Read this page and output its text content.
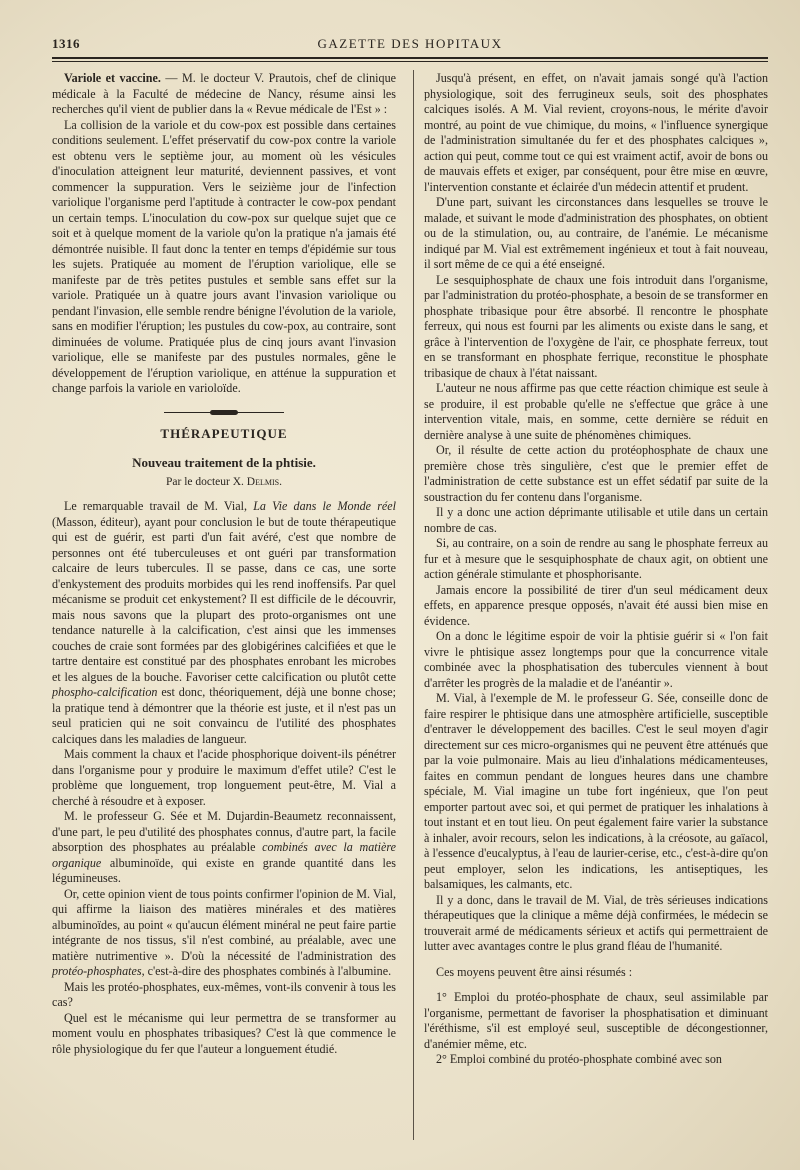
1316	GAZETTE DES HOPITAUX

Variole et vaccine. — M. le docteur V. Prautois, chef de clinique médicale à la Faculté de médecine de Nancy, résume ainsi les recherches qu'il vient de publier dans la « Revue médicale de l'Est » :

La collision de la variole et du cow-pox est possible dans certaines conditions seulement. L'effet préservatif du cow-pox contre la variole est obtenu vers le septième jour, au moment où les vésicules d'inoculation atteignent leur maturité, deviennent passives, et vont commencer la suppuration. Vers le seizième jour de l'infection variolique l'organisme perd l'aptitude à contracter le cow-pox pendant un certain temps. L'inoculation du cow-pox sur quelque sujet que ce soit et à quelque moment de la variole qu'on la pratique n'a jamais été démontrée nuisible. Il faut donc la tenter en temps d'épidémie sur tous les sujets. Pratiquée au moment de l'éruption variolique, elle se manifeste par de très petites pustules et semble sans effet sur la variole. Pratiquée un à quatre jours avant l'invasion variolique ou pendant l'invasion, elle semble rendre bénigne l'évolution de la variole, sans en modifier l'éruption; les pustules du cow-pox, au contraire, sont diminuées de volume. Pratiquée plus de cinq jours avant l'invasion variolique, elle se manifeste par des pustules normales, gêne le développement de l'éruption variolique, en atténue la suppuration et change parfois la variole en varioloïde.

THÉRAPEUTIQUE
Nouveau traitement de la phtisie.
Par le docteur X. Delmis.

Le remarquable travail de M. Vial, La Vie dans le Monde réel (Masson, éditeur), ayant pour conclusion le but de toute thérapeutique qui est de guérir, est parti d'un fait avéré, c'est que nombre de personnes ont été tuberculeuses et ont guéri par transformation calcaire de leurs tubercules. Il se passe, dans ce cas, une sorte d'enkystement des produits morbides qui les rend inoffensifs. Par quel mécanisme se produit cet enkystement? Il est difficile de le découvrir, mais nous savons que la plupart des proto-organismes ont une tendance naturelle à la calcification, c'est ainsi que les immenses couches de craie sont formées par des globigérines calcifiées et que le tartre dentaire est constitué par des phosphates enrobant les microbes et les algues de la bouche. Favoriser cette calcification ou plutôt cette phospho-calcification est donc, théoriquement, déjà une bonne chose; la pratique tend à démontrer que la théorie est juste, et il n'est pas un seul praticien qui ne soit convaincu de l'utilité des phosphates calciques dans les maladies de langueur.

Mais comment la chaux et l'acide phosphorique doivent-ils pénétrer dans l'organisme pour y produire le maximum d'effet utile? C'est le problème que longuement, trop longuement peut-être, M. Vial a cherché à résoudre et à exposer.

M. le professeur G. Sée et M. Dujardin-Beaumetz reconnaissent, d'une part, le peu d'utilité des phosphates connus, d'autre part, la facile absorption des phosphates au préalable combinés avec la matière organique albuminoïde, qui existe en grande quantité dans les légumineuses.

Or, cette opinion vient de tous points confirmer l'opinion de M. Vial, qui affirme la liaison des matières minérales et des matières albuminoïdes, au point « qu'aucun élément minéral ne peut faire partie intégrante de nos tissus, s'il n'est combiné, au préalable, avec une matière nutrimentive ». D'où la nécessité de l'administration des protéo-phosphates, c'est-à-dire des phosphates combinés à l'albumine.

Mais les protéo-phosphates, eux-mêmes, vont-ils convenir à tous les cas?

Quel est le mécanisme qui leur permettra de se transformer au moment voulu en phosphates tribasiques? C'est là que commence le rôle physiologique du fer que l'auteur a longuement étudié.

Jusqu'à présent, en effet, on n'avait jamais songé qu'à l'action physiologique, soit des ferrugineux seuls, soit des phosphates calciques isolés. A M. Vial revient, croyons-nous, le mérite d'avoir montré, au point de vue chimique, du moins, « l'influence synergique de l'administration simultanée du fer et des phosphates calciques », action qui peut, comme tout ce qui est vraiment actif, avoir de bons ou de mauvais effets et exiger, par conséquent, pour être mise en œuvre, l'intervention constante et éclairée d'un médecin attentif et prudent.

D'une part, suivant les circonstances dans lesquelles se trouve le malade, et suivant le mode d'administration des phosphates, on obtient ou de la stimulation, ou, au contraire, de l'anémie. Le mécanisme indiqué par M. Vial est extrêmement ingénieux et tout à fait nouveau, il sort même de ce qui a été enseigné.

Le sesquiphosphate de chaux une fois introduit dans l'organisme, par l'administration du protéo-phosphate, a besoin de se transformer en phosphate tribasique pour être absorbé. Il rencontre le phosphate ferreux, qui nous est fourni par les aliments ou existe dans le sang, et grâce à l'intervention de l'oxygène de l'air, ce phosphate ferreux, tout en se transformant en phosphate ferrique, reconstitue le phosphate tribasique de chaux à l'état naissant.

L'auteur ne nous affirme pas que cette réaction chimique est seule à se produire, il est probable qu'elle ne s'effectue que grâce à une intervention vitale, mais, en somme, cette dernière se réduit en dernière analyse à une suite de phénomènes chimiques.

Or, il résulte de cette action du protéophosphate de chaux une première chose très singulière, c'est que le premier effet de l'administration de cette substance est un effet sédatif par suite de la soustraction du fer contenu dans l'organisme.

Il y a donc une action déprimante utilisable et utile dans un certain nombre de cas.

Si, au contraire, on a soin de rendre au sang le phosphate ferreux au fur et à mesure que le sesquiphosphate de chaux agit, on obtient une action générale stimulante et phosphorisante.

Jamais encore la possibilité de tirer d'un seul médicament deux effets, en apparence presque opposés, n'avait été aussi bien mise en évidence.

On a donc le légitime espoir de voir la phtisie guérir si « l'on fait vivre le phtisique assez longtemps pour que la concurrence vitale combinée avec la phosphatisation des tubercules viennent à bout d'arrêter les progrès de la maladie et de l'anéantir ».

M. Vial, à l'exemple de M. le professeur G. Sée, conseille donc de faire respirer le phtisique dans une atmosphère artificielle, susceptible d'entraver le développement des bacilles. C'est le seul moyen d'agir directement sur ces micro-organismes qui ne peuvent être atténués que par la voie pulmonaire. Mais au lieu d'inhalations médicamenteuses, faites en commun pendant de longues heures dans une chambre spéciale, M. Vial imagine un tube fort ingénieux, que l'on peut emporter partout avec soi, et qui permet de pratiquer les inhalations à tout instant et en tout lieu. On peut également faire varier la substance à inhaler, avoir recours, selon les indications, à la créosote, au gaïacol, à l'essence d'eucalyptus, à l'eau de laurier-cerise, etc., c'est-à-dire qu'on peut employer, selon les indications, les antiseptiques, les balsamiques, les calmants, etc.

Il y a donc, dans le travail de M. Vial, de très sérieuses indications thérapeutiques que la clinique a même déjà confirmées, le médecin se trouverait armé de médicaments sérieux et actifs qui permettraient de lutter avec avantages contre le plus grand fléau de l'humanité.

Ces moyens peuvent être ainsi résumés :

1° Emploi du protéo-phosphate de chaux, seul assimilable par l'organisme, permettant de favoriser la phosphatisation et diminuant l'éréthisme, s'il est employé seul, susceptible de décongestionner, d'anémier même, etc.

2° Emploi combiné du protéo-phosphate combiné avec son
